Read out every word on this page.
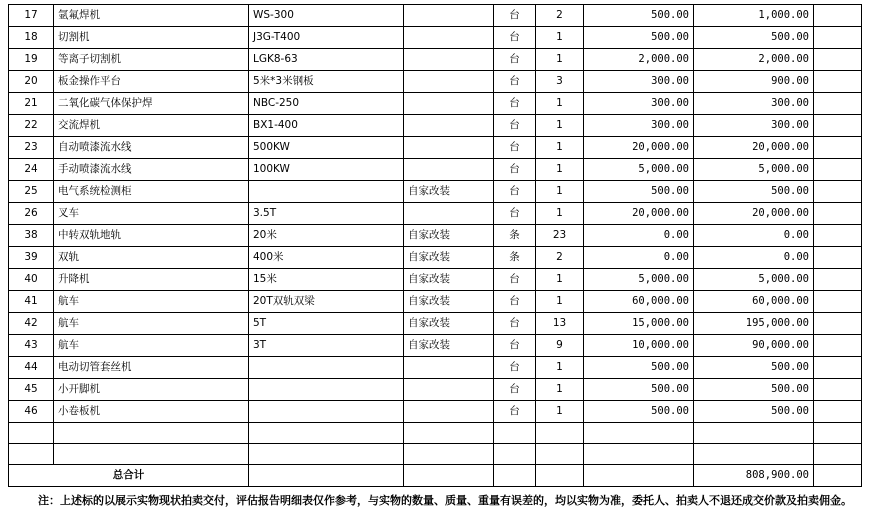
17	氩氟焊机	WS-300		台	2	500.00	1,000.00	
18	切割机	J3G-T400		台	1	500.00	500.00	
19	等离子切割机	LGK8-63		台	1	2,000.00	2,000.00	
20	板金操作平台	5米*3米钢板		台	3	300.00	900.00	
21	二氧化碳气体保护焊	NBC-250		台	1	300.00	300.00	
22	交流焊机	BX1-400		台	1	300.00	300.00	
23	自动喷漆流水线	500KW		台	1	20,000.00	20,000.00	
24	手动喷漆流水线	100KW		台	1	5,000.00	5,000.00	
25	电气系统检测柜		自家改装	台	1	500.00	500.00	
26	叉车	3.5T		台	1	20,000.00	20,000.00	
38	中转双轨地轨	20米	自家改装	条	23	0.00	0.00	
39	双轨	400米	自家改装	条	2	0.00	0.00	
40	升降机	15米	自家改装	台	1	5,000.00	5,000.00	
41	航车	20T双轨双梁	自家改装	台	1	60,000.00	60,000.00	
42	航车	5T	自家改装	台	13	15,000.00	195,000.00	
43	航车	3T	自家改装	台	9	10,000.00	90,000.00	
44	电动切管套丝机			台	1	500.00	500.00	
45	小开脚机			台	1	500.00	500.00	
46	小卷板机			台	1	500.00	500.00	

总合计							808,900.00	
注：上述标的以展示实物现状拍卖交付，评估报告明细表仅作参考，与实物的数量、质量、重量有误差的，均以实物为准，委托人、拍卖人不退还成交价款及拍卖佣金。
